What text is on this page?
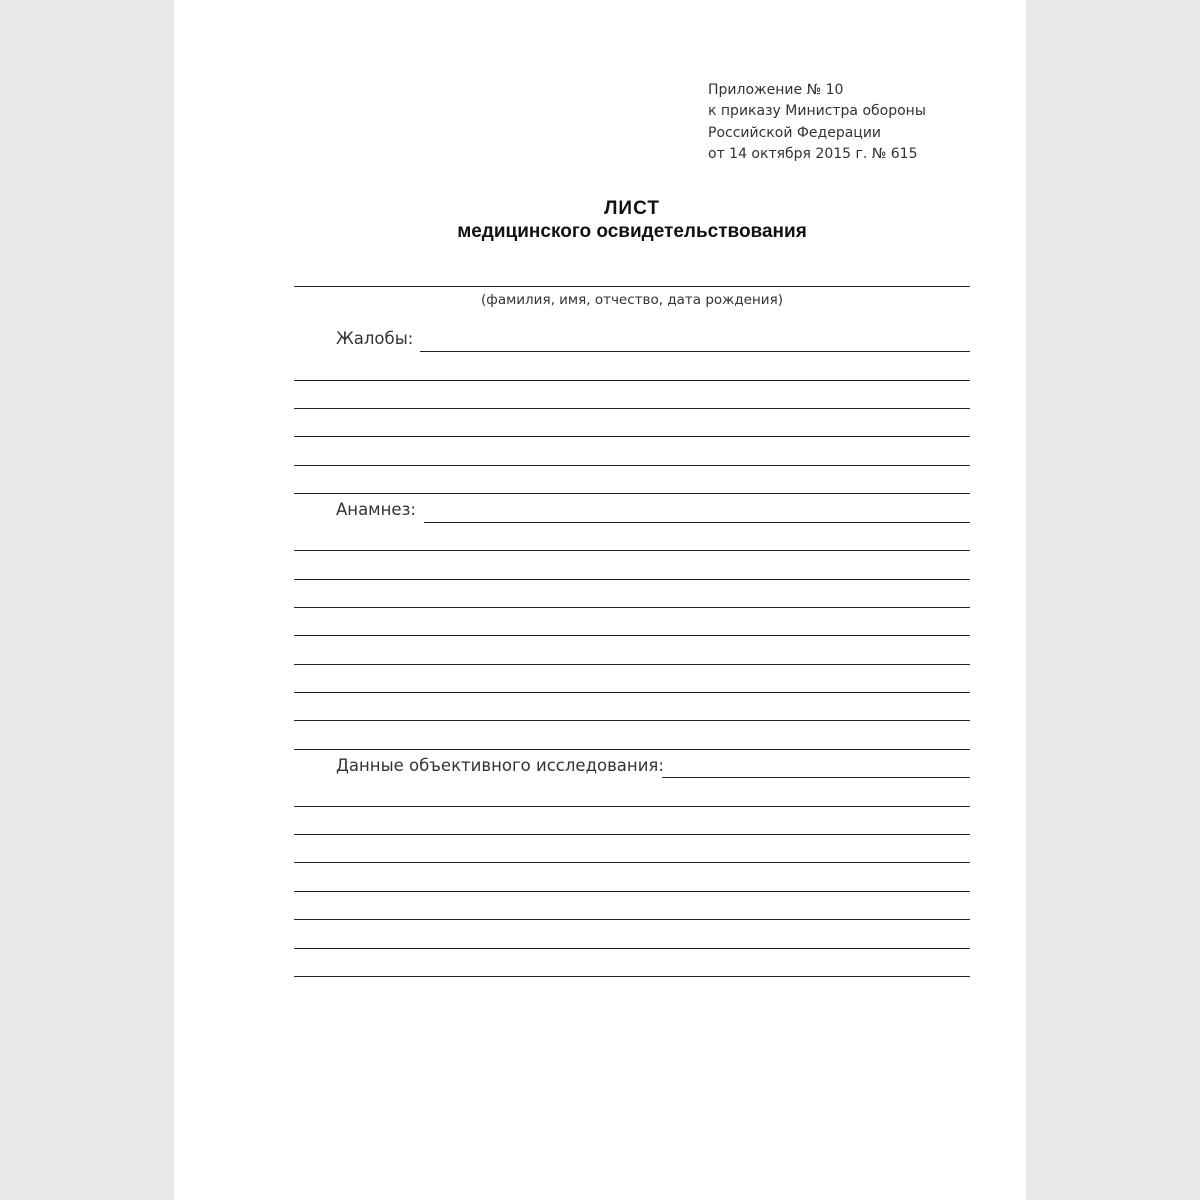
Приложение № 10
к приказу Министра обороны
Российской Федерации
от 14 октября 2015 г. № 615
ЛИСТ
медицинского освидетельствования
(фамилия, имя, отчество, дата рождения)
Жалобы:
Анамнез:
Данные объективного исследования:
